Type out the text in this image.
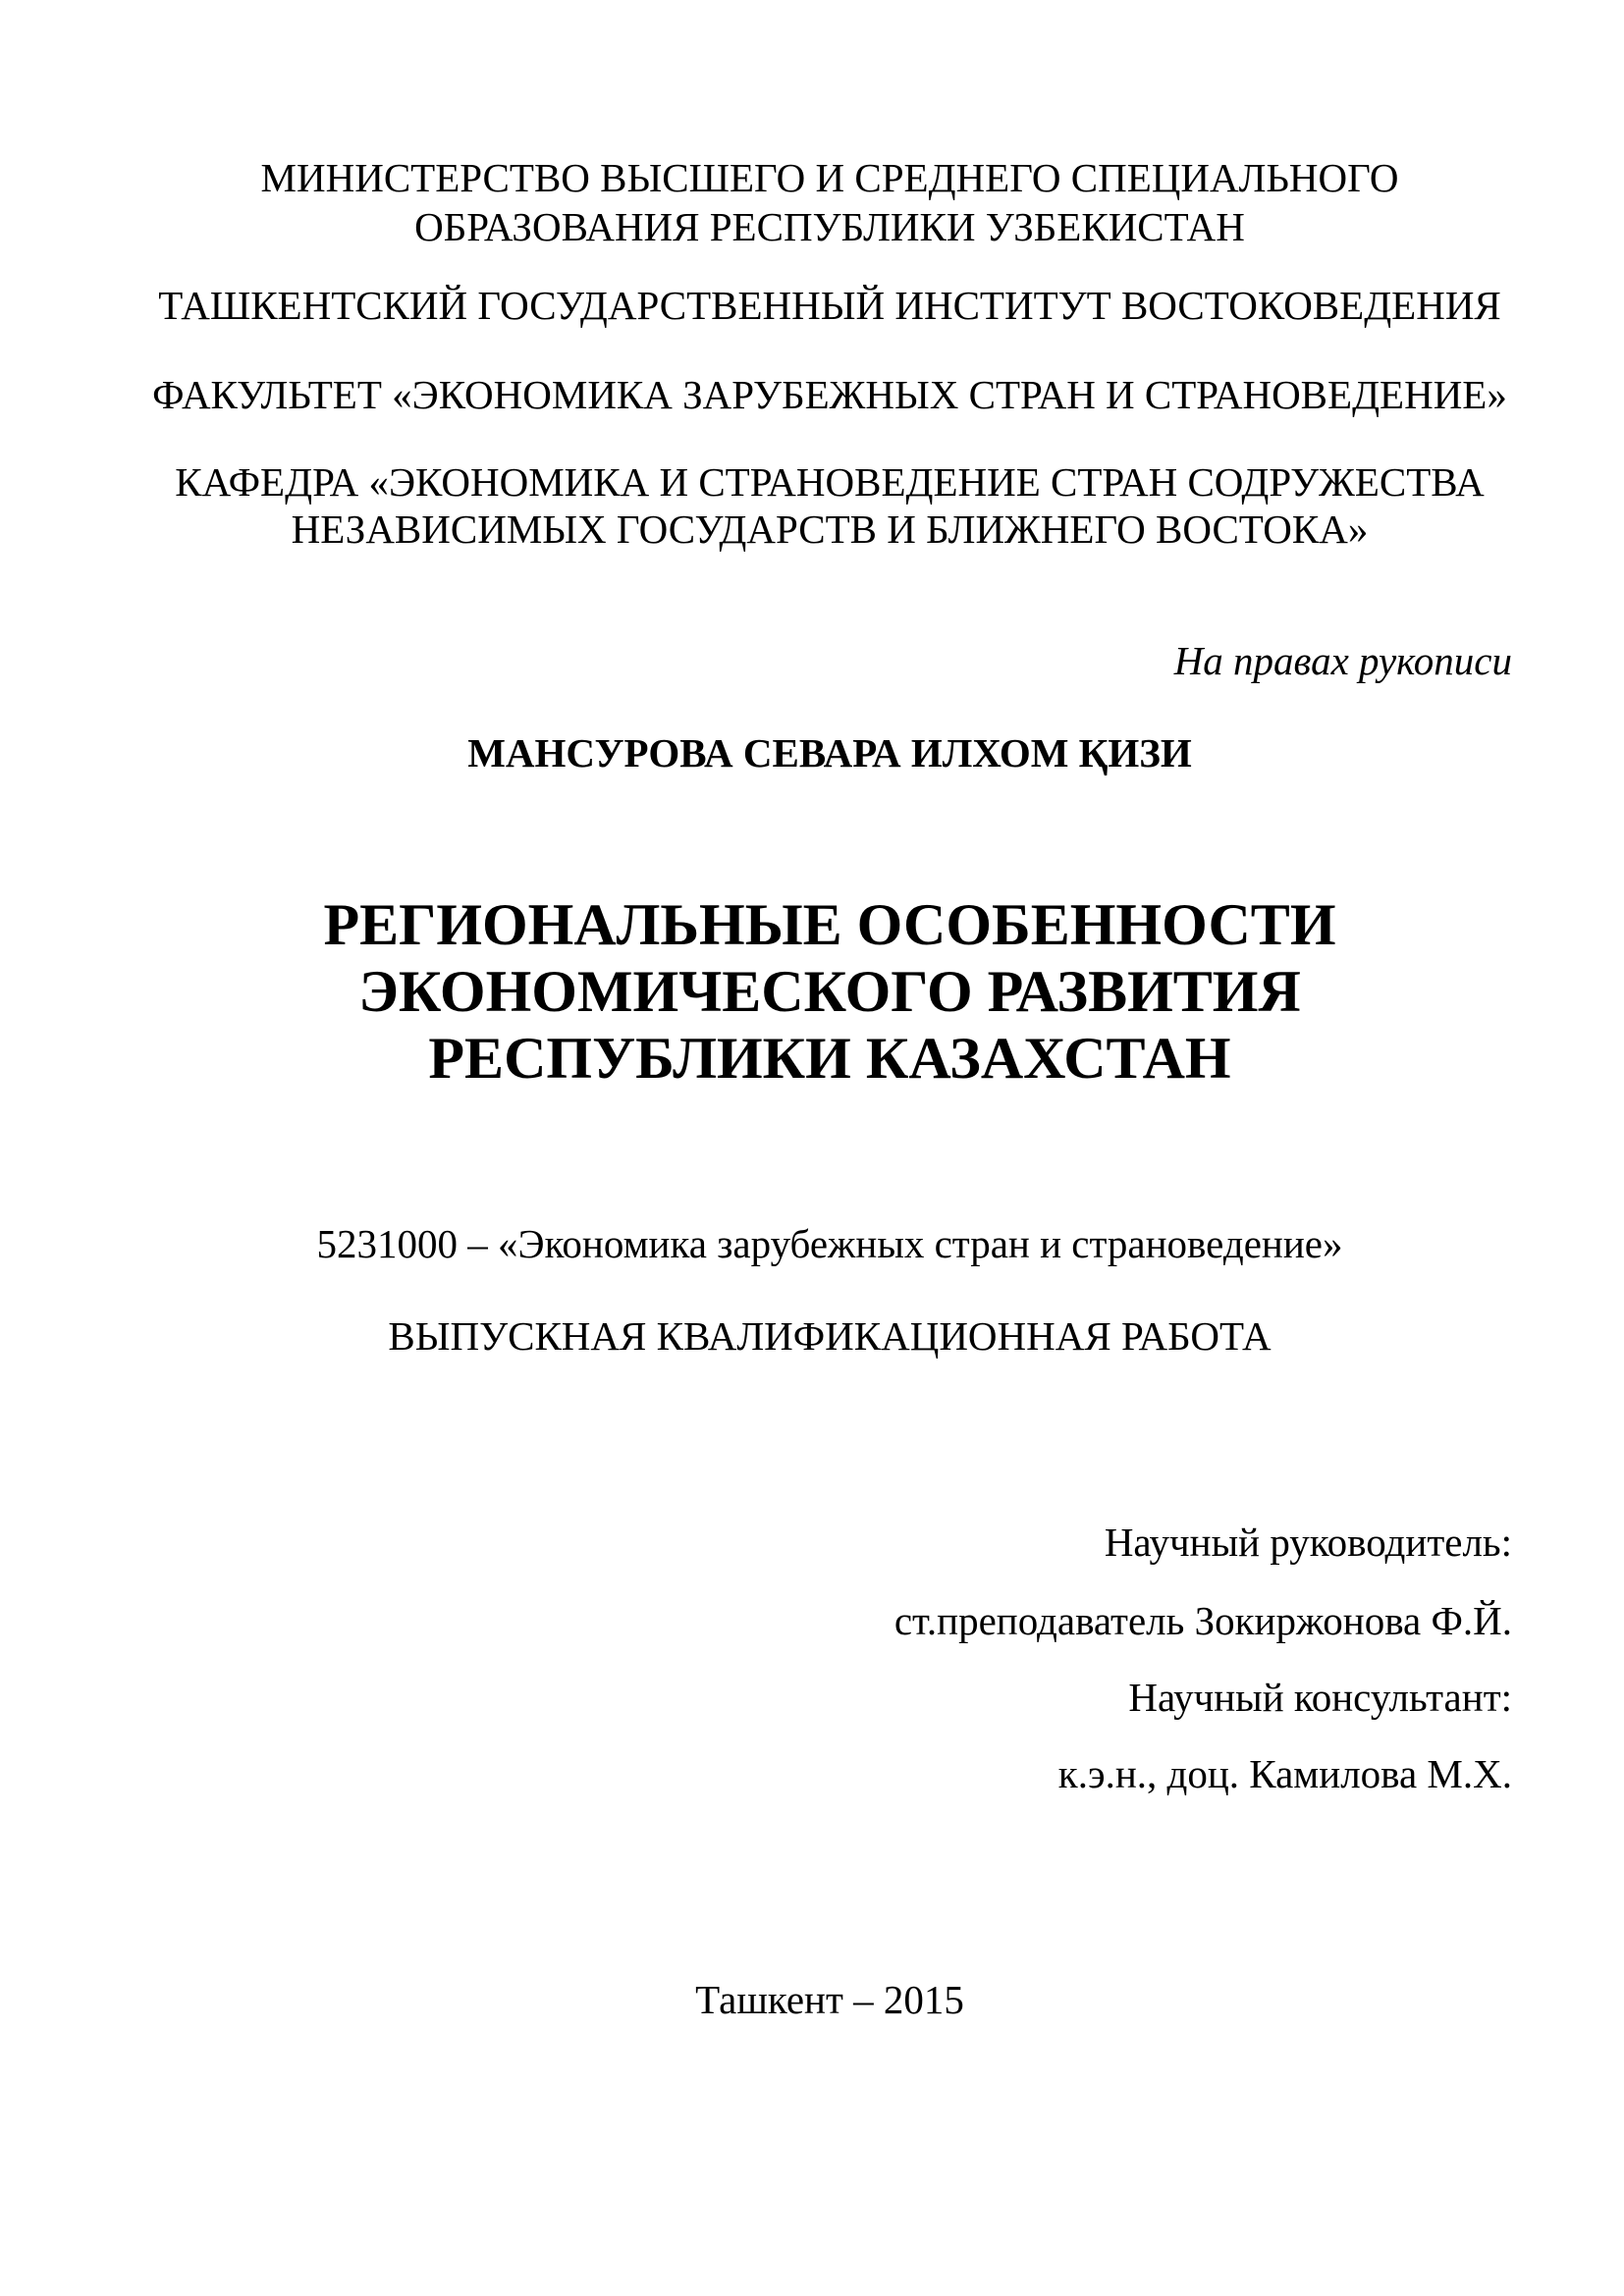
МИНИСТЕРСТВО ВЫСШЕГО И СРЕДНЕГО СПЕЦИАЛЬНОГО
ОБРАЗОВАНИЯ РЕСПУБЛИКИ УЗБЕКИСТАН
ТАШКЕНТСКИЙ ГОСУДАРСТВЕННЫЙ ИНСТИТУТ ВОСТОКОВЕДЕНИЯ
ФАКУЛЬТЕТ «ЭКОНОМИКА ЗАРУБЕЖНЫХ СТРАН И СТРАНОВЕДЕНИЕ»
КАФЕДРА «ЭКОНОМИКА И СТРАНОВЕДЕНИЕ СТРАН СОДРУЖЕСТВА
НЕЗАВИСИМЫХ ГОСУДАРСТВ И БЛИЖНЕГО ВОСТОКА»
На правах рукописи
МАНСУРОВА СЕВАРА ИЛХОМ ҚИЗИ
РЕГИОНАЛЬНЫЕ ОСОБЕННОСТИ
ЭКОНОМИЧЕСКОГО РАЗВИТИЯ
РЕСПУБЛИКИ КАЗАХСТАН
5231000 – «Экономика зарубежных стран и страноведение»
ВЫПУСКНАЯ КВАЛИФИКАЦИОННАЯ РАБОТА
Научный руководитель:
ст.преподаватель Зокиржонова Ф.Й.
Научный консультант:
к.э.н., доц. Камилова М.Х.
Ташкент – 2015
